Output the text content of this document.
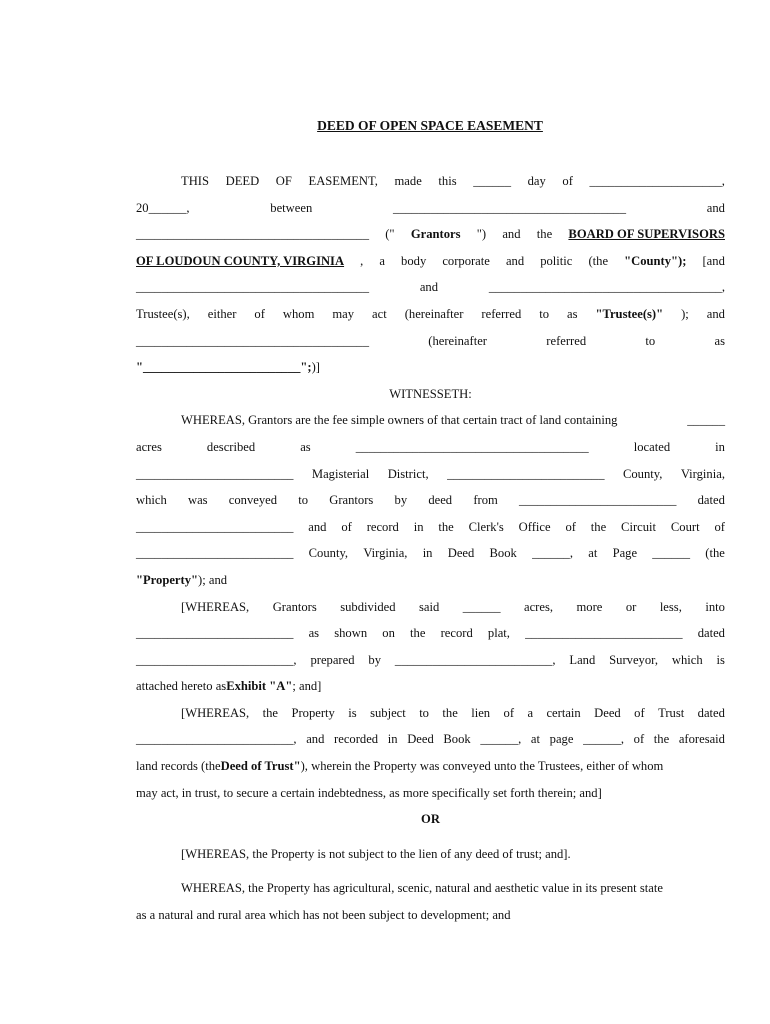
DEED OF OPEN SPACE EASEMENT
THIS DEED OF EASEMENT, made this ______ day of _____________________,
20______,	between	_____________________________________	and
_____________________________________ (" Grantors ") and the BOARD OF SUPERVISORS
OF LOUDOUN COUNTY, VIRGINIA , a body corporate and politic (the "County"); [and
_____________________________________	and	_____________________________________,
Trustee(s), either of whom may act (hereinafter referred to as "Trustee(s)" ); and
_____________________________________	(hereinafter	referred	to	as
"_________________________"; )]
WITNESSETH:
WHEREAS, Grantors are the fee simple owners of that certain tract of land containing	______
acres	described	as	_____________________________________	located	in
_________________________ Magisterial District, _________________________ County, Virginia,
which was conveyed to Grantors by deed from _________________________ dated
_________________________ and of record in the Clerk's Office of the Circuit Court of
_________________________ County, Virginia, in Deed Book ______, at Page ______ (the
"Property" ); and
[WHEREAS, Grantors subdivided said ______ acres, more or less, into
_________________________ as shown on the record plat, _________________________ dated
_________________________, prepared by _________________________, Land Surveyor, which is
attached hereto as Exhibit "A" ; and]
[WHEREAS, the Property is subject to the lien of a certain Deed of Trust dated
_________________________, and recorded in Deed Book ______, at page ______, of the aforesaid
land records (the Deed of Trust" ), wherein the Property was conveyed unto the Trustees, either of whom
may act, in trust, to secure a certain indebtedness, as more specifically set forth therein; and]
OR
[WHEREAS, the Property is not subject to the lien of any deed of trust; and].
WHEREAS, the Property has agricultural, scenic, natural and aesthetic value in its present state
as a natural and rural area which has not been subject to development; and
